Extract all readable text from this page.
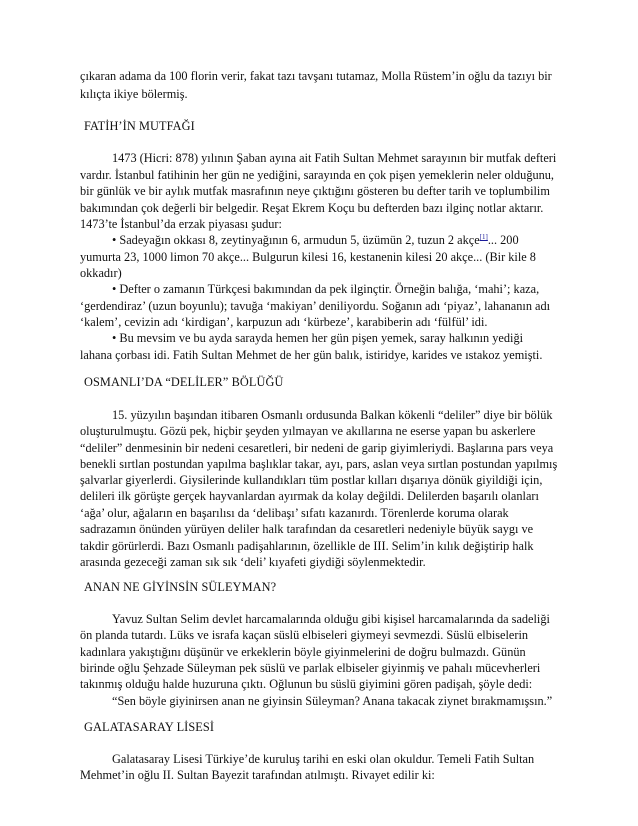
çıkaran adama da 100 florin verir, fakat tazı tavşanı tutamaz, Molla Rüstem’in oğlu da tazıyı bir
kılıçta ikiye bölermiş.
FATİH’İN MUTFAĞI
1473 (Hicri: 878) yılının Şaban ayına ait Fatih Sultan Mehmet sarayının bir mutfak defteri
vardır. İstanbul fatihinin her gün ne yediğini, sarayında en çok pişen yemeklerin neler olduğunu,
bir günlük ve bir aylık mutfak masrafının neye çıktığını gösteren bu defter tarih ve toplumbilim
bakımından çok değerli bir belgedir. Reşat Ekrem Koçu bu defterden bazı ilginç notlar aktarır.
1473’te İstanbul’da erzak piyasası şudur:
• Sadeyağın okkası 8, zeytinyağının 6, armudun 5, üzümün 2, tuzun 2 akçe[1]... 200
yumurta 23, 1000 limon 70 akçe... Bulgurun kilesi 16, kestanenin kilesi 20 akçe... (Bir kile 8
okkadır)
• Defter o zamanın Türkçesi bakımından da pek ilginçtir. Örneğin balığa, ‘mahi’; kaza,
‘gerdendiraz’ (uzun boyunlu); tavuğa ‘makiyan’ deniliyordu. Soğanın adı ‘piyaz’, lahananın adı
‘kalem’, cevizin adı ‘kirdigan’, karpuzun adı ‘kürbeze’, karabiberin adı ‘fülfül’ idi.
• Bu mevsim ve bu ayda sarayda hemen her gün pişen yemek, saray halkının yediği
lahana çorbası idi. Fatih Sultan Mehmet de her gün balık, istiridye, karides ve ıstakoz yemişti.
OSMANLI’DA “DELİLER” BÖLÜĞÜ
15. yüzyılın başından itibaren Osmanlı ordusunda Balkan kökenli “deliler” diye bir bölük
oluşturulmuştu. Gözü pek, hiçbir şeyden yılmayan ve akıllarına ne eserse yapan bu askerlere
“deliler” denmesinin bir nedeni cesaretleri, bir nedeni de garip giyimleriydi. Başlarına pars veya
benekli sırtlan postundan yapılma başlıklar takar, ayı, pars, aslan veya sırtlan postundan yapılmış
şalvarlar giyerlerdi. Giysilerinde kullandıkları tüm postlar kılları dışarıya dönük giyildiği için,
delileri ilk görüşte gerçek hayvanlardan ayırmak da kolay değildi. Delilerden başarılı olanları
‘ağa’ olur, ağaların en başarılısı da ‘delibaşı’ sıfatı kazanırdı. Törenlerde koruma olarak
sadrazamın önünden yürüyen deliler halk tarafından da cesaretleri nedeniyle büyük saygı ve
takdir görürlerdi. Bazı Osmanlı padişahlarının, özellikle de III. Selim’in kılık değiştirip halk
arasında gezeceği zaman sık sık ‘deli’ kıyafeti giydiği söylenmektedir.
ANAN NE GİYİNSİN SÜLEYMAN?
Yavuz Sultan Selim devlet harcamalarında olduğu gibi kişisel harcamalarında da sadeliği
ön planda tutardı. Lüks ve israfa kaçan süslü elbiseleri giymeyi sevmezdi. Süslü elbiselerin
kadınlara yakıştığını düşünür ve erkeklerin böyle giyinmelerini de doğru bulmazdı. Günün
birinde oğlu Şehzade Süleyman pek süslü ve parlak elbiseler giyinmiş ve pahalı mücevherleri
takınmış olduğu halde huzuruna çıktı. Oğlunun bu süslü giyimini gören padişah, şöyle dedi:
“Sen böyle giyinirsen anan ne giyinsin Süleyman? Anana takacak ziynet bırakmamışsın.”
GALATASARAY LİSESİ
Galatasaray Lisesi Türkiye’de kuruluş tarihi en eski olan okuldur. Temeli Fatih Sultan
Mehmet’in oğlu II. Sultan Bayezit tarafından atılmıştı. Rivayet edilir ki:
